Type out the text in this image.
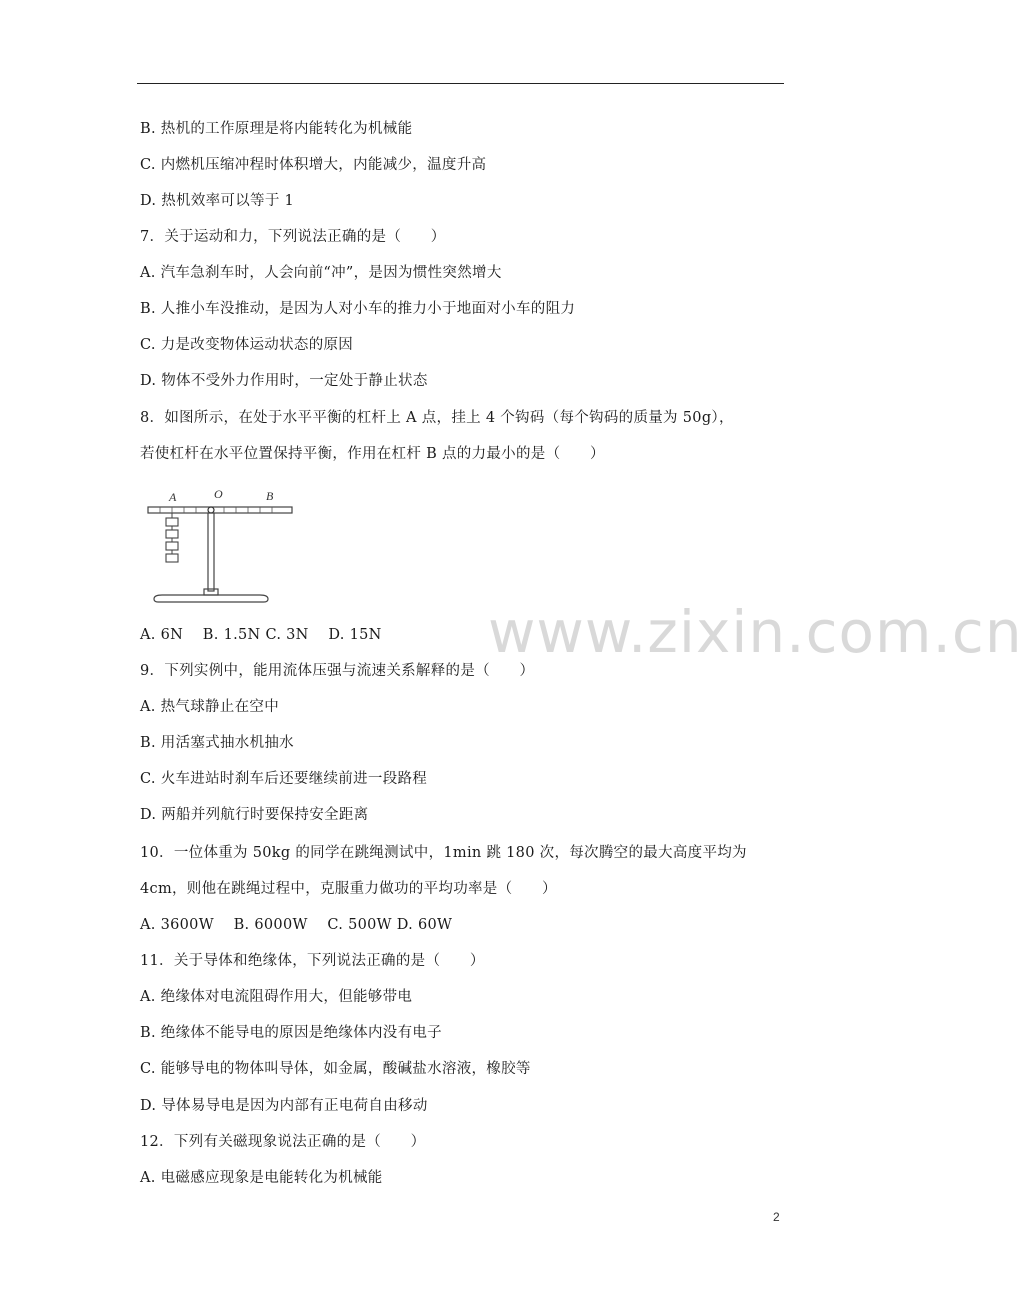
B. 热机的工作原理是将内能转化为机械能
C. 内燃机压缩冲程时体积增大，内能减少，温度升高
D. 热机效率可以等于 1
7．关于运动和力，下列说法正确的是（　　）
A. 汽车急刹车时，人会向前“冲”，是因为惯性突然增大
B. 人推小车没推动，是因为人对小车的推力小于地面对小车的阻力
C. 力是改变物体运动状态的原因
D. 物体不受外力作用时，一定处于静止状态
8．如图所示，在处于水平平衡的杠杆上 A 点，挂上 4 个钩码（每个钩码的质量为 50g），
若使杠杆在水平位置保持平衡，作用在杠杆 B 点的力最小的是（　　）
A	O	B
www.zixin.com.cn
A. 6N　 B. 1.5N C. 3N　 D. 15N
9．下列实例中，能用流体压强与流速关系解释的是（　　）
A. 热气球静止在空中
B. 用活塞式抽水机抽水
C. 火车进站时刹车后还要继续前进一段路程
D. 两船并列航行时要保持安全距离
10．一位体重为 50kg 的同学在跳绳测试中，1min 跳 180 次，每次腾空的最大高度平均为
4cm，则他在跳绳过程中，克服重力做功的平均功率是（　　）
A. 3600W　 B. 6000W　 C. 500W D. 60W
11．关于导体和绝缘体，下列说法正确的是（　　）
A. 绝缘体对电流阻碍作用大，但能够带电
B. 绝缘体不能导电的原因是绝缘体内没有电子
C. 能够导电的物体叫导体，如金属，酸碱盐水溶液，橡胶等
D. 导体易导电是因为内部有正电荷自由移动
12．下列有关磁现象说法正确的是（　　）
A. 电磁感应现象是电能转化为机械能
2
